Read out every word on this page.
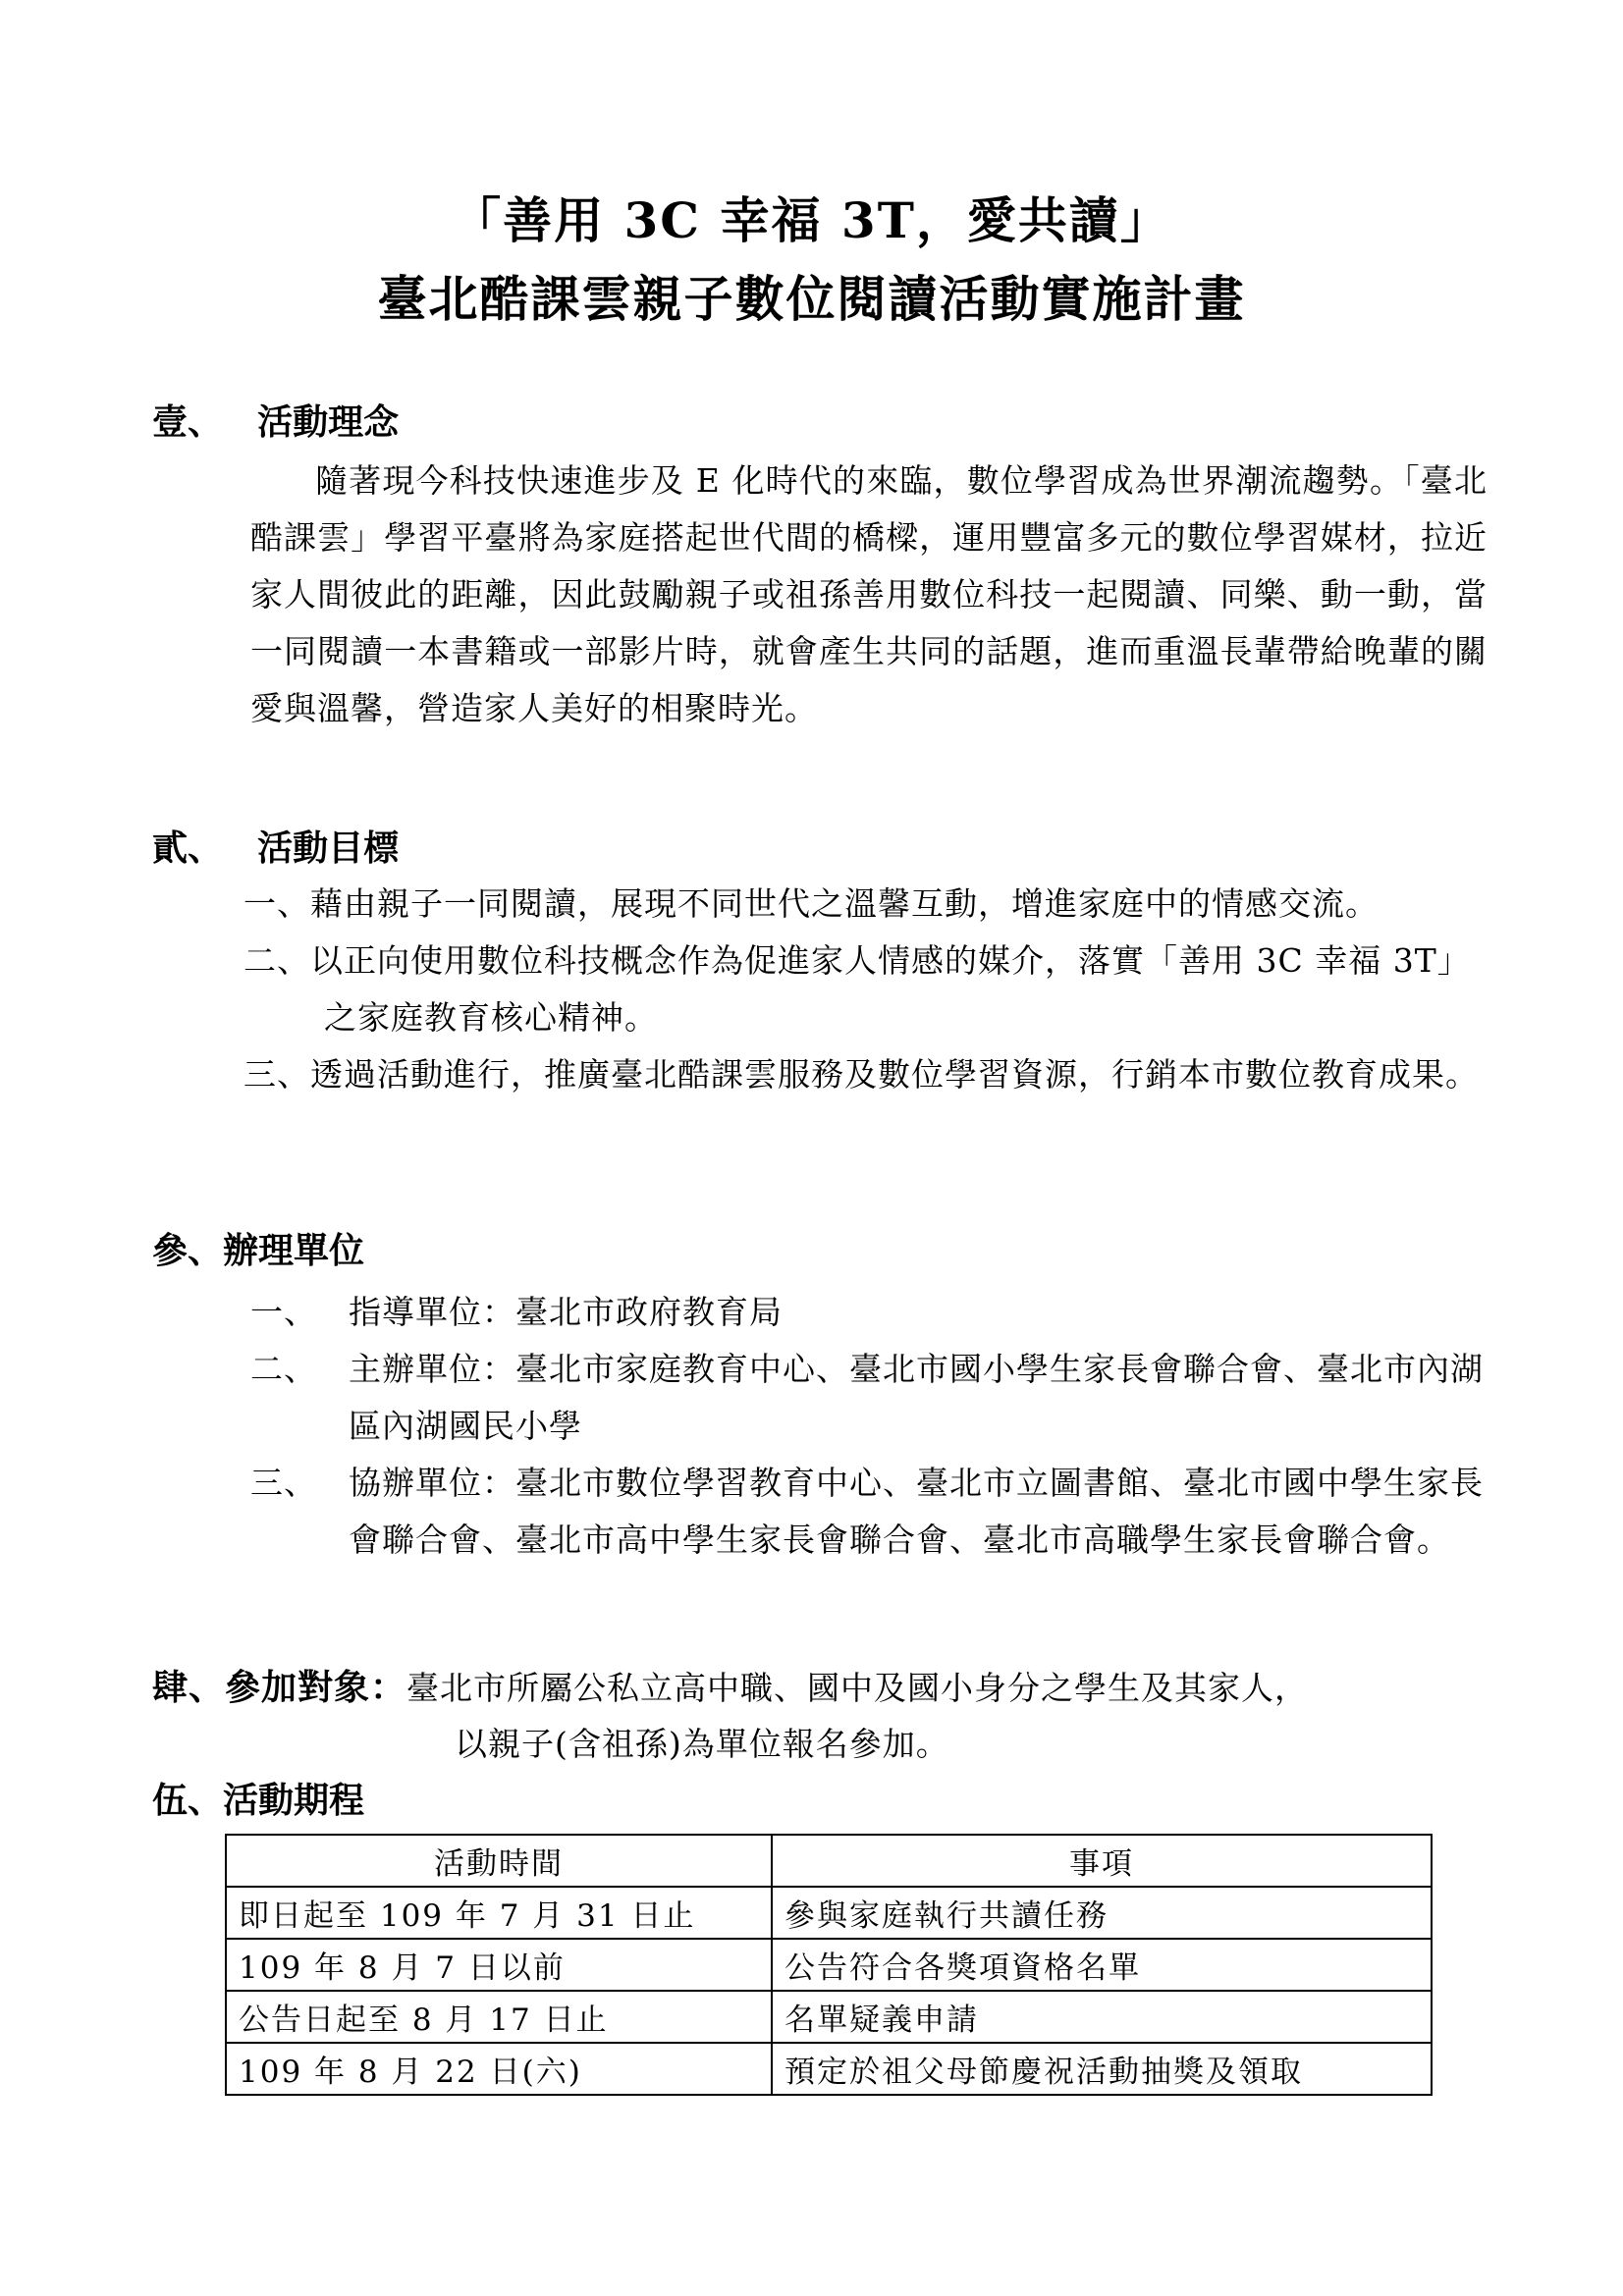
「善用 3C 幸福 3T，愛共讀」
臺北酷課雲親子數位閱讀活動實施計畫
壹、 活動理念

隨著現今科技快速進步及 E 化時代的來臨，數位學習成為世界潮流趨勢。「臺北酷課雲」學習平臺將為家庭搭起世代間的橋樑，運用豐富多元的數位學習媒材，拉近家人間彼此的距離，因此鼓勵親子或祖孫善用數位科技一起閱讀、同樂、動一動，當一同閱讀一本書籍或一部影片時，就會產生共同的話題，進而重溫長輩帶給晚輩的關愛與溫馨，營造家人美好的相聚時光。

貳、 活動目標
一、藉由親子一同閱讀，展現不同世代之溫馨互動，增進家庭中的情感交流。
二、以正向使用數位科技概念作為促進家人情感的媒介，落實「善用 3C 幸福 3T」之家庭教育核心精神。
三、透過活動進行，推廣臺北酷課雲服務及數位學習資源，行銷本市數位教育成果。
參、辦理單位
一、 指導單位：臺北市政府教育局
二、 主辦單位：臺北市家庭教育中心、臺北市國小學生家長會聯合會、臺北市內湖區內湖國民小學
三、 協辦單位：臺北市數位學習教育中心、臺北市立圖書館、臺北市國中學生家長會聯合會、臺北市高中學生家長會聯合會、臺北市高職學生家長會聯合會。
肆、參加對象：臺北市所屬公私立高中職、國中及國小身分之學生及其家人，
以親子(含祖孫)為單位報名參加。
伍、活動期程
活動時間	事項
即日起至 109 年 7 月 31 日止	參與家庭執行共讀任務
109 年 8 月 7 日以前	公告符合各獎項資格名單
公告日起至 8 月 17 日止	名單疑義申請
109 年 8 月 22 日(六)	預定於祖父母節慶祝活動抽獎及領取
